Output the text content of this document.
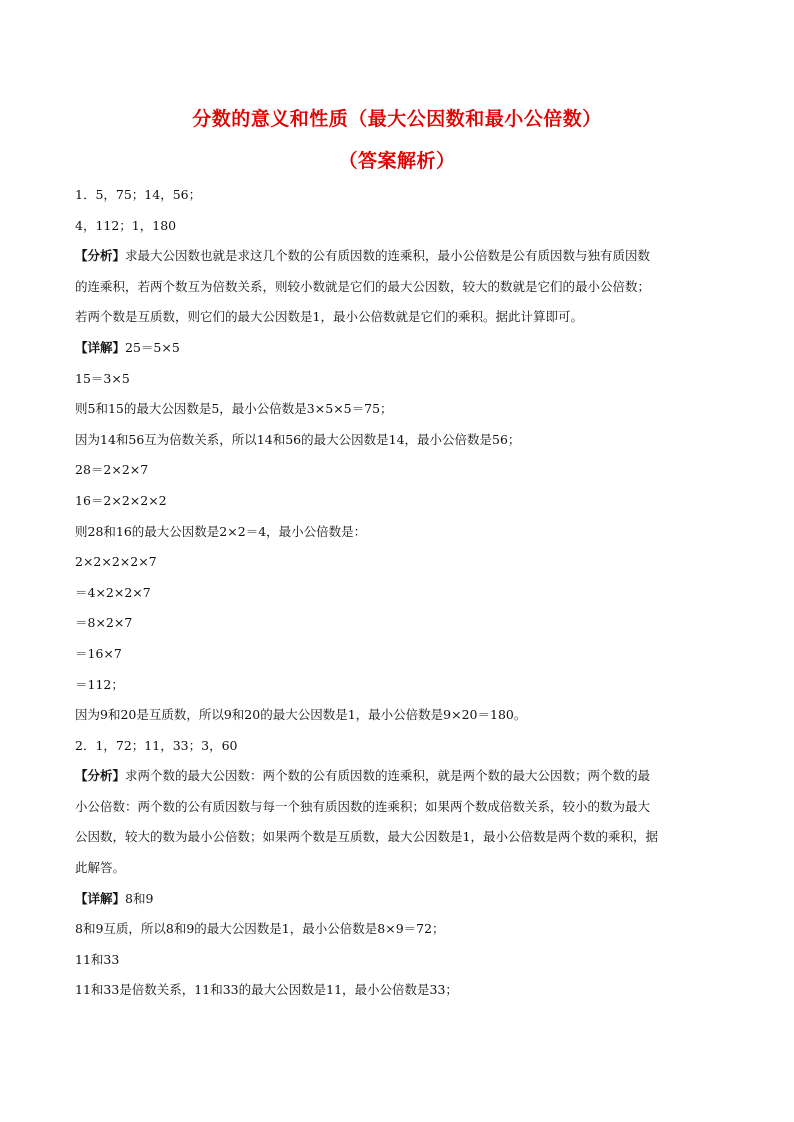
分数的意义和性质（最大公因数和最小公倍数）
（答案解析）
1．5，75；14，56；
4，112；1，180
【分析】求最大公因数也就是求这几个数的公有质因数的连乘积，最小公倍数是公有质因数与独有质因数
的连乘积，若两个数互为倍数关系，则较小数就是它们的最大公因数，较大的数就是它们的最小公倍数；
若两个数是互质数，则它们的最大公因数是1，最小公倍数就是它们的乘积。据此计算即可。
【详解】25＝5×5
15＝3×5
则5和15的最大公因数是5，最小公倍数是3×5×5＝75；
因为14和56互为倍数关系，所以14和56的最大公因数是14，最小公倍数是56；
28＝2×2×7
16＝2×2×2×2
则28和16的最大公因数是2×2＝4，最小公倍数是：
2×2×2×2×7
＝4×2×2×7
＝8×2×7
＝16×7
＝112；
因为9和20是互质数，所以9和20的最大公因数是1，最小公倍数是9×20＝180。
2．1，72；11，33；3，60
【分析】求两个数的最大公因数：两个数的公有质因数的连乘积，就是两个数的最大公因数；两个数的最
小公倍数：两个数的公有质因数与每一个独有质因数的连乘积；如果两个数成倍数关系，较小的数为最大
公因数，较大的数为最小公倍数；如果两个数是互质数，最大公因数是1，最小公倍数是两个数的乘积，据
此解答。
【详解】8和9
8和9互质，所以8和9的最大公因数是1，最小公倍数是8×9＝72；
11和33
11和33是倍数关系，11和33的最大公因数是11，最小公倍数是33；
